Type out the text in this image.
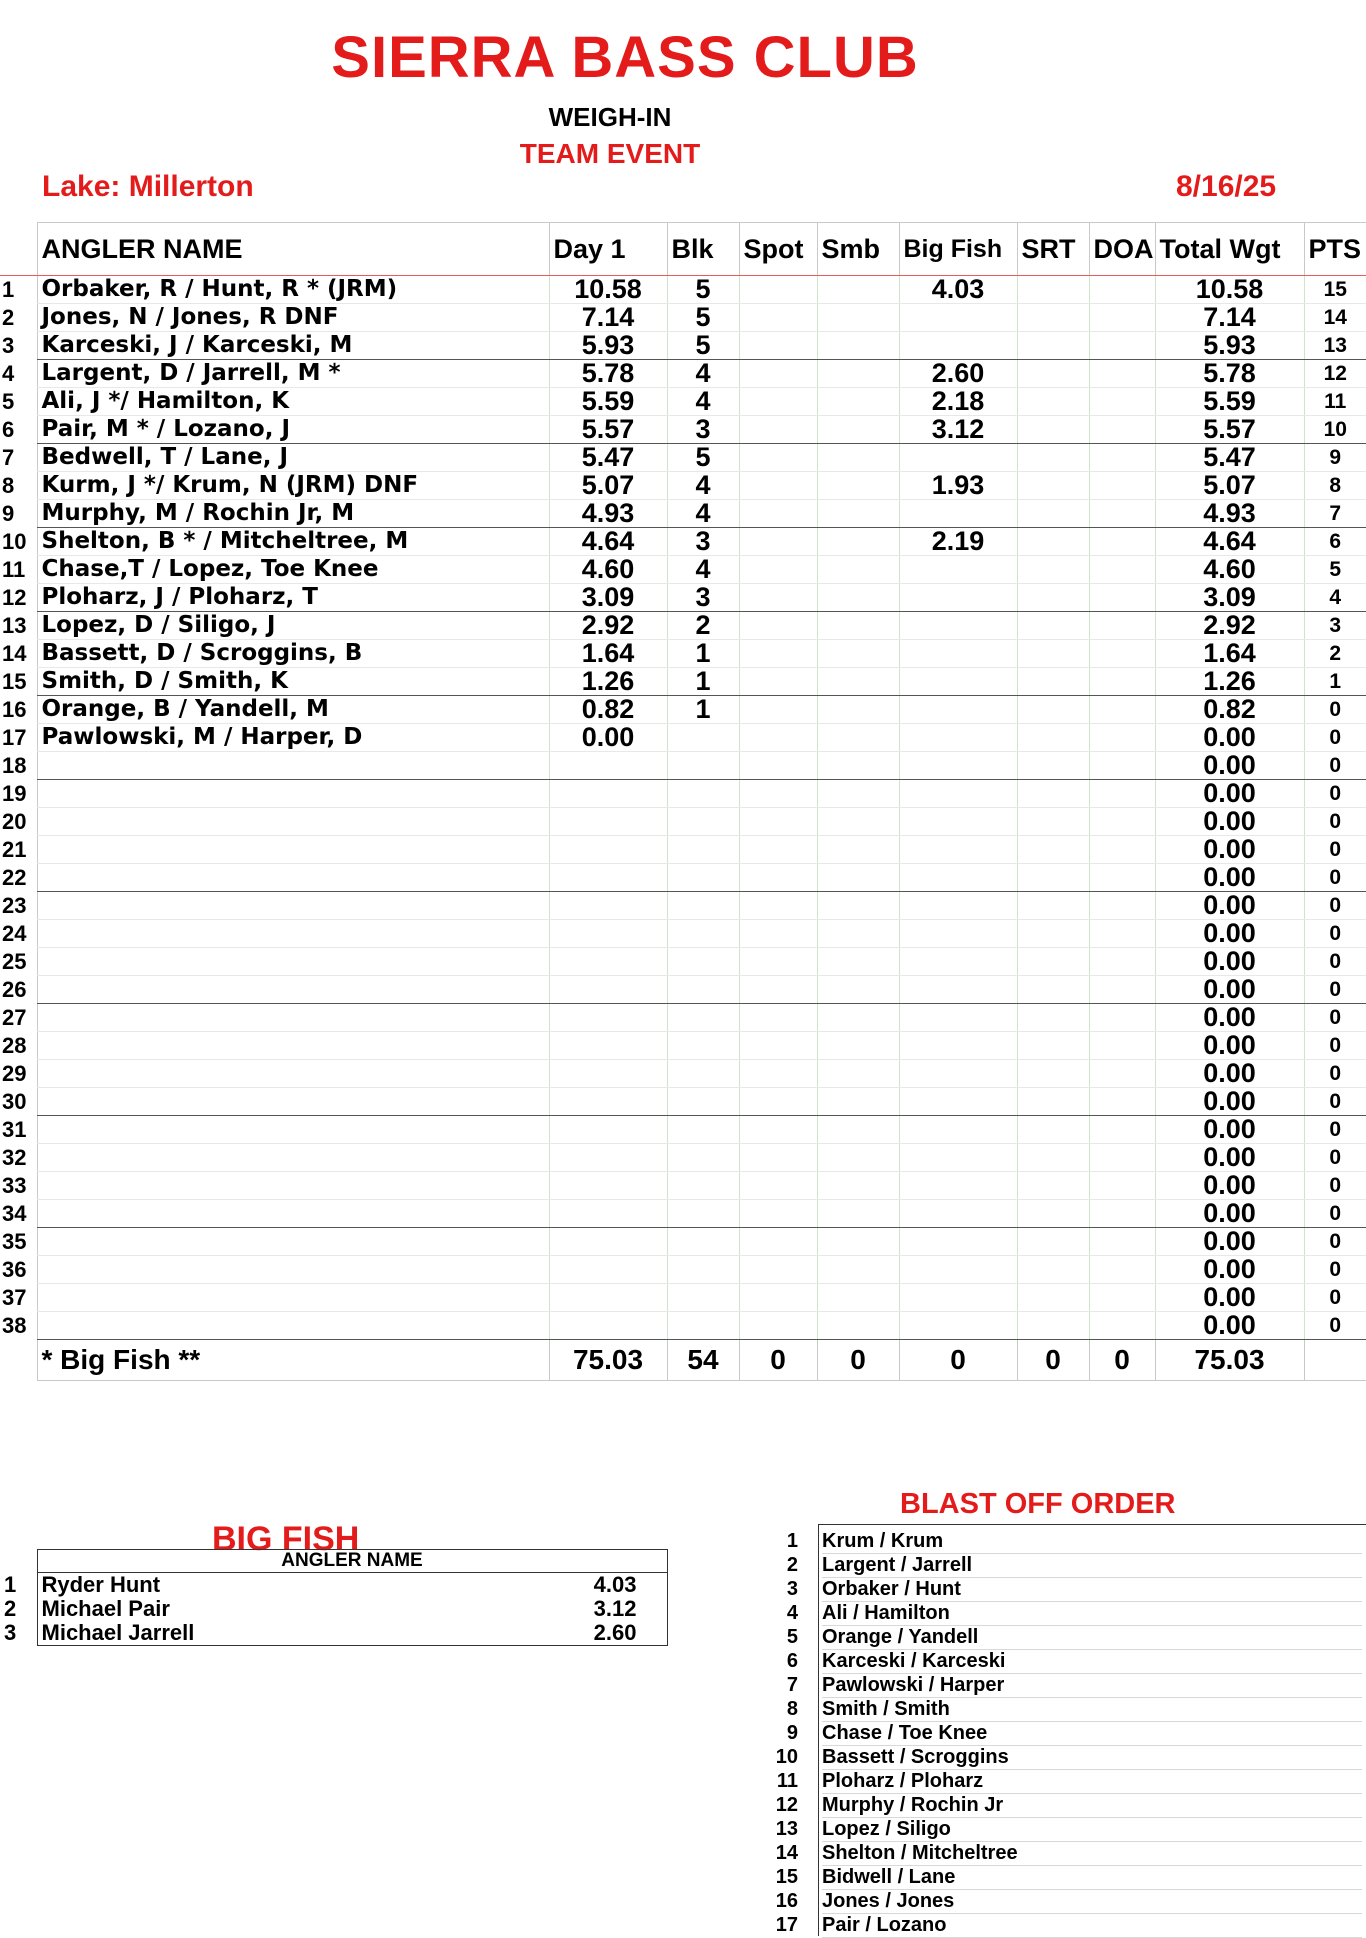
SIERRA BASS CLUB
WEIGH-IN
TEAM EVENT
Lake: Millerton	8/16/25
	ANGLER NAME	Day 1	Blk	Spot	Smb	Big Fish	SRT	DOA	Total Wgt	PTS
1	Orbaker, R / Hunt, R * (JRM)	10.58	5			4.03			10.58	15
2	Jones, N / Jones, R DNF	7.14	5						7.14	14
3	Karceski, J / Karceski, M	5.93	5						5.93	13
4	Largent, D / Jarrell, M *	5.78	4			2.60			5.78	12
5	Ali, J */ Hamilton, K	5.59	4			2.18			5.59	11
6	Pair, M * / Lozano, J	5.57	3			3.12			5.57	10
7	Bedwell, T / Lane, J	5.47	5						5.47	9
8	Kurm, J */ Krum, N (JRM) DNF	5.07	4			1.93			5.07	8
9	Murphy, M / Rochin Jr, M	4.93	4						4.93	7
10	Shelton, B * / Mitcheltree, M	4.64	3			2.19			4.64	6
11	Chase,T / Lopez, Toe Knee	4.60	4						4.60	5
12	Ploharz, J / Ploharz, T	3.09	3						3.09	4
13	Lopez, D / Siligo, J	2.92	2						2.92	3
14	Bassett, D / Scroggins, B	1.64	1						1.64	2
15	Smith, D / Smith, K	1.26	1						1.26	1
16	Orange, B / Yandell, M	0.82	1						0.82	0
17	Pawlowski, M / Harper, D	0.00							0.00	0
18									0.00	0
19									0.00	0
20									0.00	0
21									0.00	0
22									0.00	0
23									0.00	0
24									0.00	0
25									0.00	0
26									0.00	0
27									0.00	0
28									0.00	0
29									0.00	0
30									0.00	0
31									0.00	0
32									0.00	0
33									0.00	0
34									0.00	0
35									0.00	0
36									0.00	0
37									0.00	0
38									0.00	0
	* Big Fish **	75.03	54	0	0	0	0	0	75.03	
BIG FISH
	ANGLER NAME	
1	Ryder Hunt	4.03
2	Michael Pair	3.12
3	Michael Jarrell	2.60
BLAST OFF ORDER
1 Krum / Krum
2 Largent / Jarrell
3 Orbaker / Hunt
4 Ali / Hamilton
5 Orange / Yandell
6 Karceski / Karceski
7 Pawlowski / Harper
8 Smith / Smith
9 Chase / Toe Knee
10 Bassett / Scroggins
11 Ploharz / Ploharz
12 Murphy / Rochin Jr
13 Lopez / Siligo
14 Shelton / Mitcheltree
15 Bidwell / Lane
16 Jones / Jones
17 Pair / Lozano
